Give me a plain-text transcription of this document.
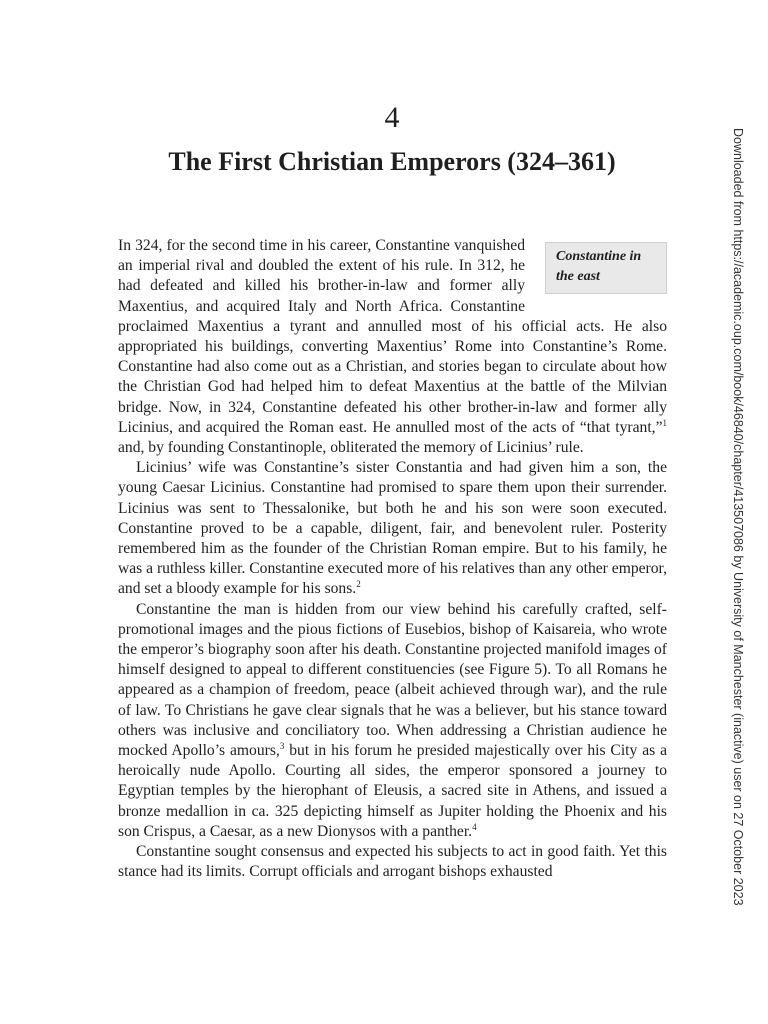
4
The First Christian Emperors (324–361)

Constantine in the east
In 324, for the second time in his career, Constantine vanquished an imperial rival and doubled the extent of his rule. In 312, he had defeated and killed his brother-in-law and former ally Maxentius, and acquired Italy and North Africa. Constantine proclaimed Maxentius a tyrant and annulled most of his official acts. He also appropriated his buildings, converting Maxentius’ Rome into Constantine’s Rome. Constantine had also come out as a Christian, and stories began to circulate about how the Christian God had helped him to defeat Maxentius at the battle of the Milvian bridge. Now, in 324, Constantine defeated his other brother-in-law and former ally Licinius, and acquired the Roman east. He annulled most of the acts of “that tyrant,”$^1$ and, by founding Constantinople, obliterated the memory of Licinius’ rule.

Licinius’ wife was Constantine’s sister Constantia and had given him a son, the young Caesar Licinius. Constantine had promised to spare them upon their surrender. Licinius was sent to Thessalonike, but both he and his son were soon executed. Constantine proved to be a capable, diligent, fair, and benevolent ruler. Posterity remembered him as the founder of the Christian Roman empire. But to his family, he was a ruthless killer. Constantine executed more of his relatives than any other emperor, and set a bloody example for his sons.$^2$

Constantine the man is hidden from our view behind his carefully crafted, self-promotional images and the pious fictions of Eusebios, bishop of Kaisareia, who wrote the emperor’s biography soon after his death. Constantine projected manifold images of himself designed to appeal to different constituencies (see Figure 5). To all Romans he appeared as a champion of freedom, peace (albeit achieved through war), and the rule of law. To Christians he gave clear signals that he was a believer, but his stance toward others was inclusive and conciliatory too. When addressing a Christian audience he mocked Apollo’s amours,$^3$ but in his forum he presided majestically over his City as a heroically nude Apollo. Courting all sides, the emperor sponsored a journey to Egyptian temples by the hierophant of Eleusis, a sacred site in Athens, and issued a bronze medallion in ca. 325 depicting himself as Jupiter holding the Phoenix and his son Crispus, a Caesar, as a new Dionysos with a panther.$^4$

Constantine sought consensus and expected his subjects to act in good faith. Yet this stance had its limits. Corrupt officials and arrogant bishops exhausted	Downloaded from https://academic.oup.com/book/46840/chapter/413507086 by University of Manchester (inactive) user on 27 October 2023
